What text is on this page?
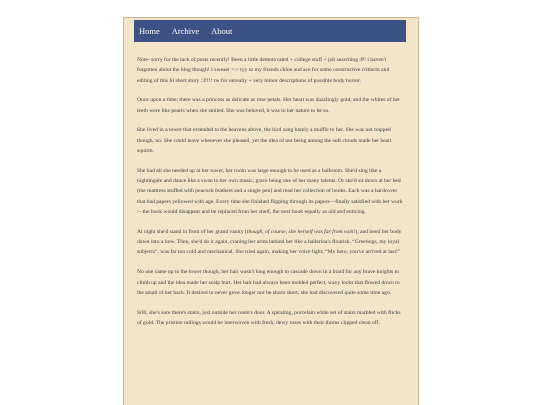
Home Archive About

Note- sorry for the lack of posts recently! Been a little demotovated + college stuff + job searching ;P! i haven't forgotten about the blog though! I sweaer >.> tyy to my friends chloe and ace for some constructive critiscm and editing of this lil short story :3!!!! tw for unrealiy + very minor descriptions of possible body horror.

Once upon a time, there was a princess as delicate as rose petals. Her heart was dazzlingly gold, and the whites of her teeth were like pearls when she smiled. She was beloved, it was in her nature to be so.

She lived in a tower that extended to the heavens above, the bird song barely a muffle to her. She was not trapped though, no. She could leave whenever she pleased, yet the idea of not being among the soft clouds made her heart squirm.

She had all she needed up at her tower, her room was large enough to be used as a ballroom. She'd sing like a nightingale and dance like a swan to her own music, grace being one of her many talents. Or she'd sit down at her bed (the mattress stuffed with peacock feathers and a single pen) and read her collection of books. Each was a hardcover that had papers yellowed with age. Every time she finished flipping through its papers—finally satisfied with her work—the book would disappear and be replaced from her shelf, the next book equally as old and enticing.

At night she'd stand in front of her grand vanity (though, of course, she herself was far from vain!), and bend her body down into a bow. Then, she'd do it again, craning her arms behind her like a ballerina's flourish. “Greetings, my loyal subjects”, was far too cold and mechanical. She tried again, making her voice light; “My hero, you've arrived at last!”

No one came up to the tower though, her hair wasn't long enough to cascade down in a braid for any brave knights to climb up and the idea made her scalp hurt. Her hair had always been molded perfect, wavy locks that flowed down to the small of her back. It desired to never grow longer nor be shorn short, she had discovered quite some time ago.

Still, she's sure there's stairs, just outside her room's door. A spiraling, porcelain white set of stairs marbled with flicks of gold. The pristine railings would be interwoven with fresh, dewy roses with their thorns clipped clean off.
